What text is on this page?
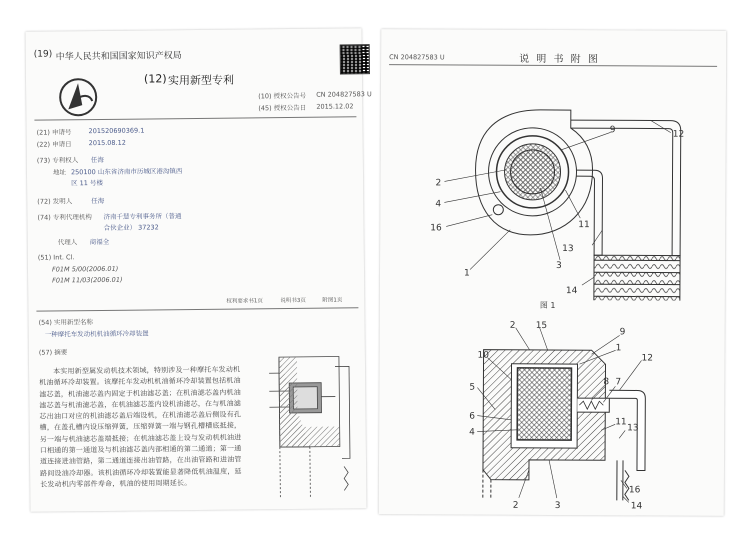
(19) 中华人民共和国国家知识产权局
(12) 实用新型专利
(10) 授权公告号 CN 204827583 U
(45) 授权公告日 2015.12.02
(21) 申请号	201520690369.1
(22) 申请日	2015.08.12
(73) 专利权人 任海
地址 250100 山东省济南市历城区港沟镇西
区 11 号楼
(72) 发明人	任海
(74) 专利代理机构 济南千慧专利事务所（普通
合伙企业） 37232
代理人 商福全
(51) Int. Cl.
F01M 5/00(2006.01)
F01M 11/03(2006.01)
权利要求书1页	说明书3页	附图1页
(54) 实用新型名称
一种摩托车发动机机油循环冷却装置
(57) 摘要
本实用新型属发动机技术领域，特别涉及一种摩托车发动机机油循环冷却装置。该摩托车发动机机油循环冷却装置包括机油滤芯盖，机油滤芯盖内固定于机油滤芯盖；在机油滤芯盖内机油滤芯盖与机油滤芯盖，在机油滤芯盖内设机油滤芯，在与机油滤芯出油口对应的机油滤芯盖后端设机，在机油滤芯盖后侧设有孔槽，在盖孔槽内设压缩弹簧，压缩弹簧一端与钢孔槽槽底抵接，另一端与机油滤芯盖端抵接；在机油滤芯盖上设与发动机机油进口相通的第一通道及与机油滤芯盖内部相通的第二通道；第一通道连接进油管路，第二通道连接出油管路，在出油管路和进油管路间设油冷却器。该机油循环冷却装置能显著降低机油温度，延长发动机内零部件寿命，机油的使用周期延长。
CN 204827583 U	说 明 书 附 图
9	12
2
4
16
1
3
11
13
14
图 1
2 15
9
1
12
10
8 7
5
6
4
11
13
2	3
16
14
